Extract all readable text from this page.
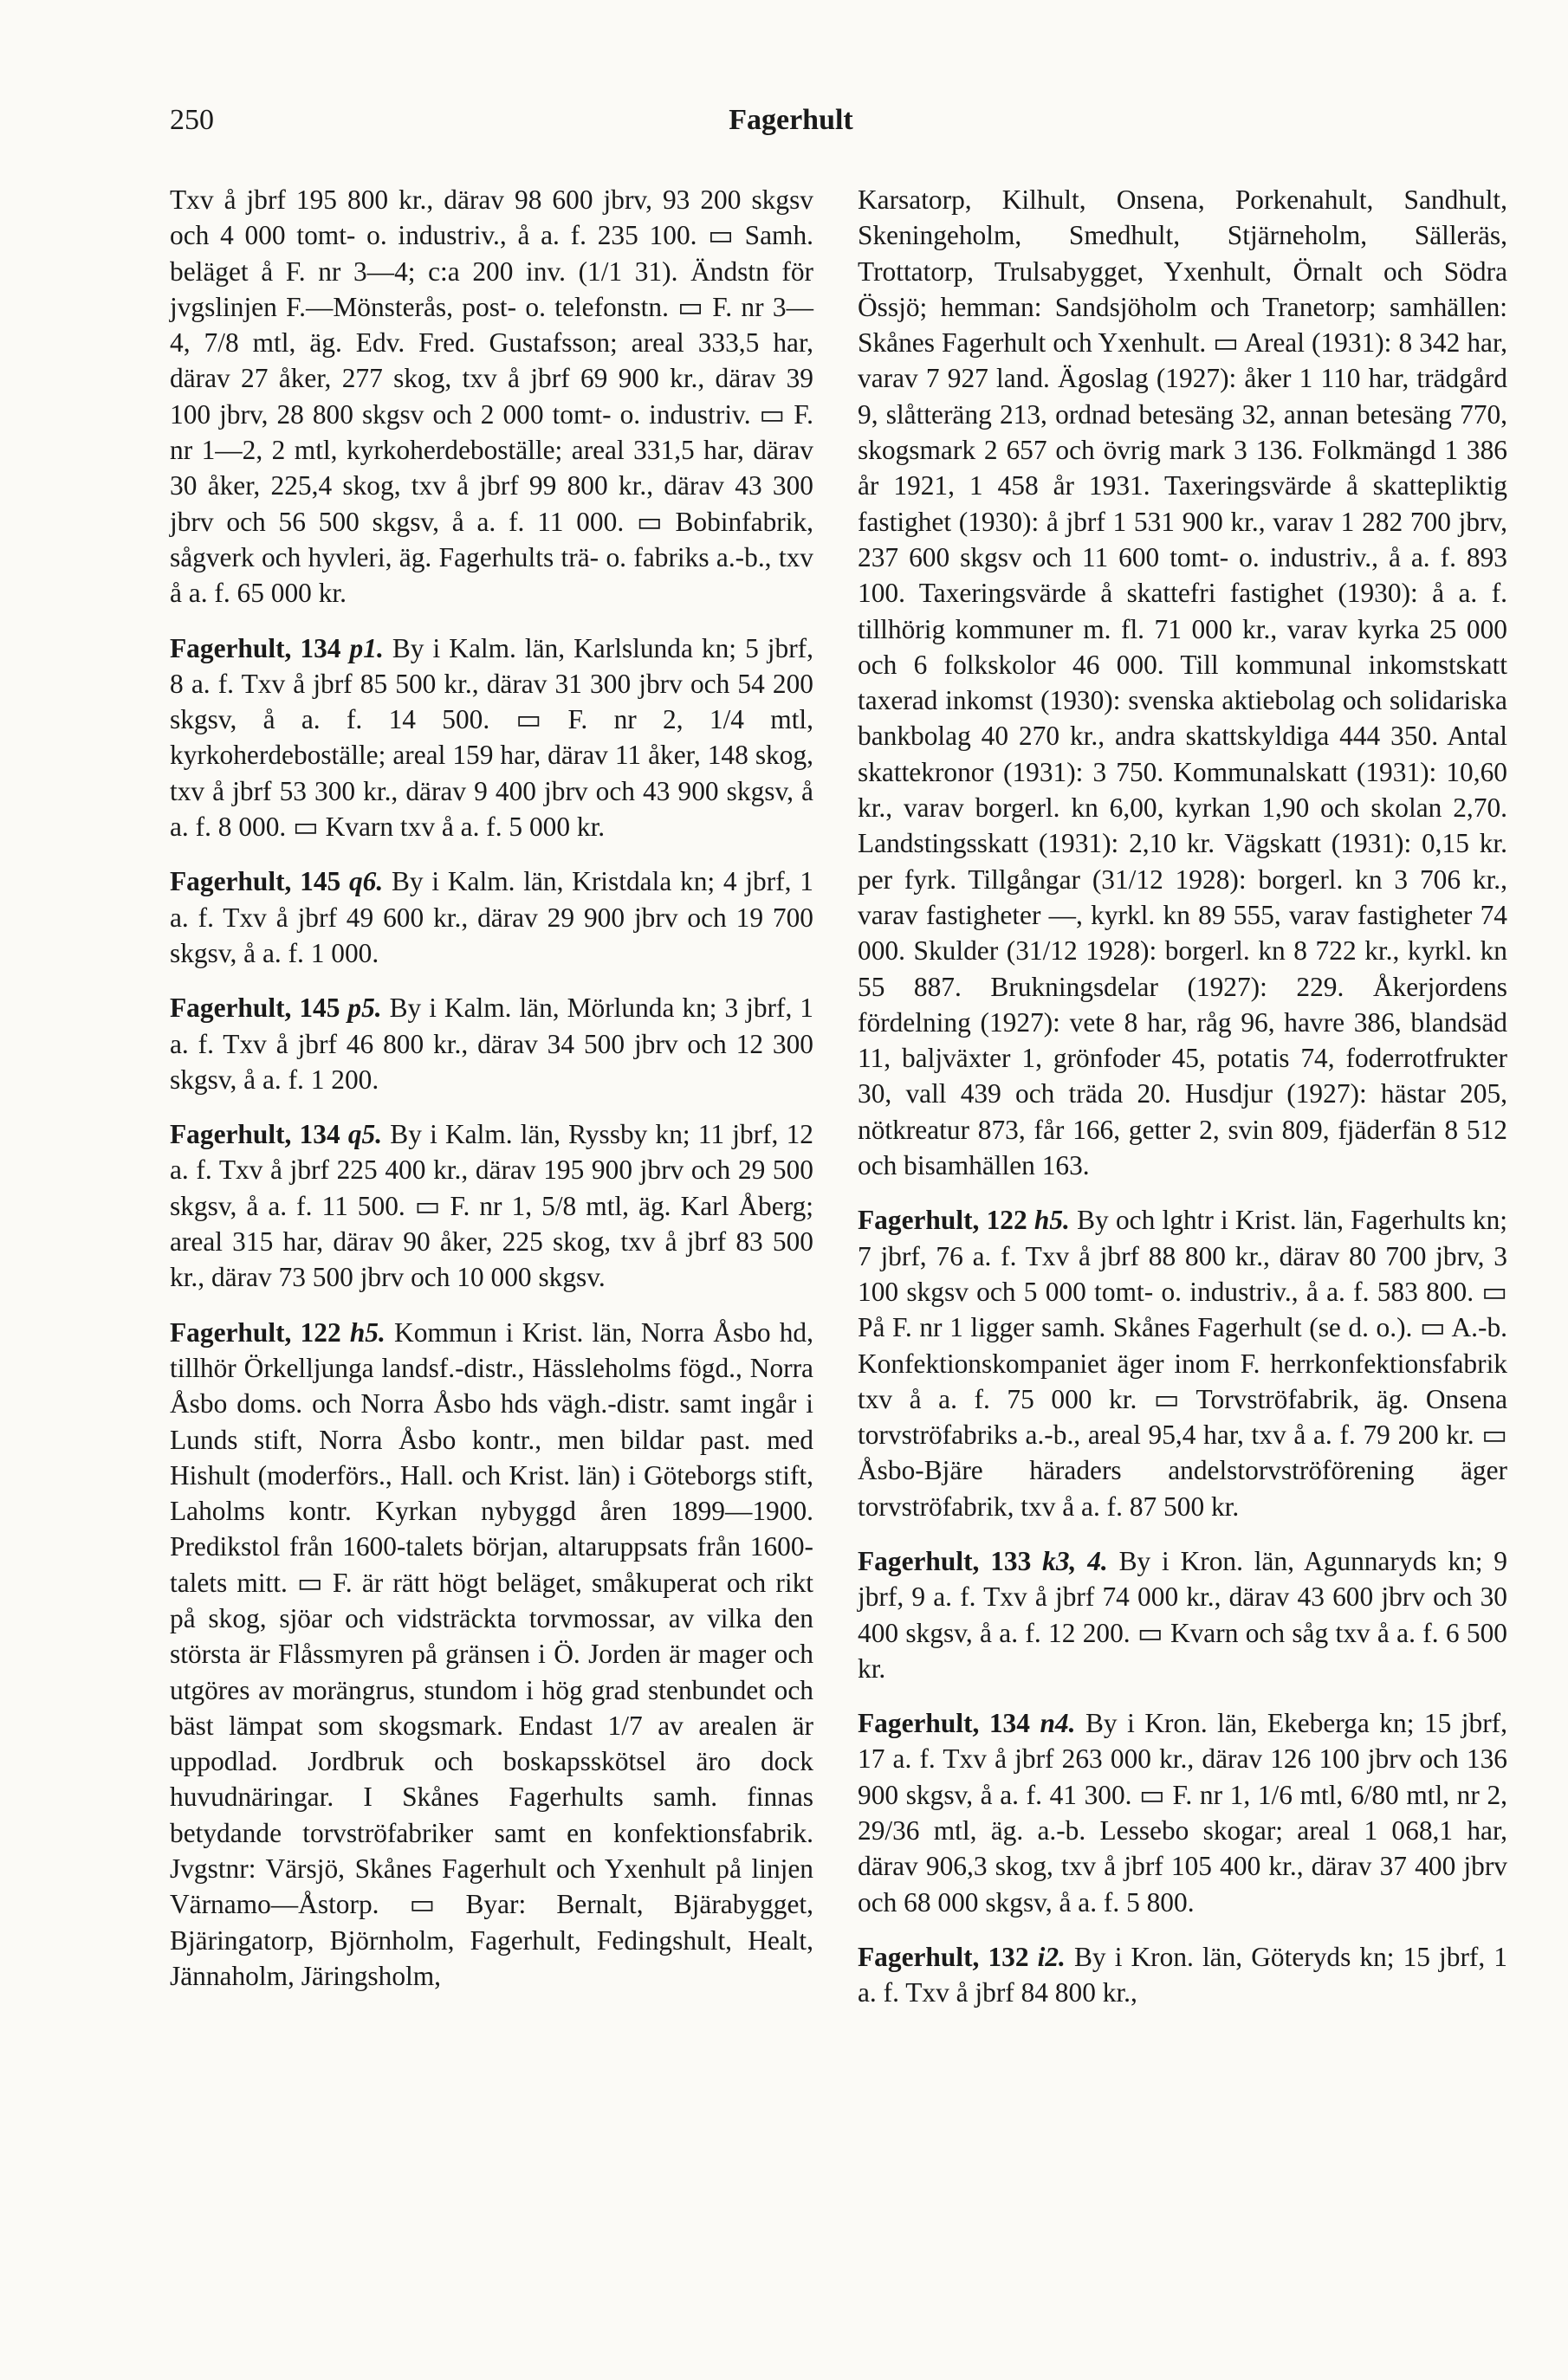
250	Fagerhult

Txv å jbrf 195 800 kr., därav 98 600 jbrv, 93 200 skgsv och 4 000 tomt- o. industriv., å a. f. 235 100. ▭ Samh. beläget å F. nr 3—4; c:a 200 inv. (1/1 31). Ändstn för jvgslinjen F.—Mönsterås, post- o. telefonstn. ▭ F. nr 3—4, 7/8 mtl, äg. Edv. Fred. Gustafsson; areal 333,5 har, därav 27 åker, 277 skog, txv å jbrf 69 900 kr., därav 39 100 jbrv, 28 800 skgsv och 2 000 tomt- o. industriv. ▭ F. nr 1—2, 2 mtl, kyrkoherdeboställe; areal 331,5 har, därav 30 åker, 225,4 skog, txv å jbrf 99 800 kr., därav 43 300 jbrv och 56 500 skgsv, å a. f. 11 000. ▭ Bobinfabrik, sågverk och hyvleri, äg. Fagerhults trä- o. fabriks a.-b., txv å a. f. 65 000 kr.

Fagerhult, 134 p1. By i Kalm. län, Karlslunda kn; 5 jbrf, 8 a. f. Txv å jbrf 85 500 kr., därav 31 300 jbrv och 54 200 skgsv, å a. f. 14 500. ▭ F. nr 2, 1/4 mtl, kyrkoherdeboställe; areal 159 har, därav 11 åker, 148 skog, txv å jbrf 53 300 kr., därav 9 400 jbrv och 43 900 skgsv, å a. f. 8 000. ▭ Kvarn txv å a. f. 5 000 kr.

Fagerhult, 145 q6. By i Kalm. län, Kristdala kn; 4 jbrf, 1 a. f. Txv å jbrf 49 600 kr., därav 29 900 jbrv och 19 700 skgsv, å a. f. 1 000.

Fagerhult, 145 p5. By i Kalm. län, Mörlunda kn; 3 jbrf, 1 a. f. Txv å jbrf 46 800 kr., därav 34 500 jbrv och 12 300 skgsv, å a. f. 1 200.

Fagerhult, 134 q5. By i Kalm. län, Ryssby kn; 11 jbrf, 12 a. f. Txv å jbrf 225 400 kr., därav 195 900 jbrv och 29 500 skgsv, å a. f. 11 500. ▭ F. nr 1, 5/8 mtl, äg. Karl Åberg; areal 315 har, därav 90 åker, 225 skog, txv å jbrf 83 500 kr., därav 73 500 jbrv och 10 000 skgsv.

Fagerhult, 122 h5. Kommun i Krist. län, Norra Åsbo hd, tillhör Örkelljunga landsf.-distr., Hässleholms fögd., Norra Åsbo doms. och Norra Åsbo hds vägh.-distr. samt ingår i Lunds stift, Norra Åsbo kontr., men bildar past. med Hishult (moderförs., Hall. och Krist. län) i Göteborgs stift, Laholms kontr. Kyrkan nybyggd åren 1899—1900. Predikstol från 1600-talets början, altaruppsats från 1600-talets mitt. ▭ F. är rätt högt beläget, småkuperat och rikt på skog, sjöar och vidsträckta torvmossar, av vilka den största är Flåssmyren på gränsen i Ö. Jorden är mager och utgöres av morängrus, stundom i hög grad stenbundet och bäst lämpat som skogsmark. Endast 1/7 av arealen är uppodlad. Jordbruk och boskapsskötsel äro dock huvudnäringar. I Skånes Fagerhults samh. finnas betydande torvströfabriker samt en konfektionsfabrik. Jvgstnr: Värsjö, Skånes Fagerhult och Yxenhult på linjen Värnamo—Åstorp. ▭ Byar: Bernalt, Bjärabygget, Bjäringatorp, Björnholm, Fagerhult, Fedingshult, Healt, Jännaholm, Järingsholm,

Karsatorp, Kilhult, Onsena, Porkenahult, Sandhult, Skeningeholm, Smedhult, Stjärneholm, Sälleräs, Trottatorp, Trulsabygget, Yxenhult, Örnalt och Södra Össjö; hemman: Sandsjöholm och Tranetorp; samhällen: Skånes Fagerhult och Yxenhult. ▭ Areal (1931): 8 342 har, varav 7 927 land. Ägoslag (1927): åker 1 110 har, trädgård 9, slåtteräng 213, ordnad betesäng 32, annan betesäng 770, skogsmark 2 657 och övrig mark 3 136. Folkmängd 1 386 år 1921, 1 458 år 1931. Taxeringsvärde å skattepliktig fastighet (1930): å jbrf 1 531 900 kr., varav 1 282 700 jbrv, 237 600 skgsv och 11 600 tomt- o. industriv., å a. f. 893 100. Taxeringsvärde å skattefri fastighet (1930): å a. f. tillhörig kommuner m. fl. 71 000 kr., varav kyrka 25 000 och 6 folkskolor 46 000. Till kommunal inkomstskatt taxerad inkomst (1930): svenska aktiebolag och solidariska bankbolag 40 270 kr., andra skattskyldiga 444 350. Antal skattekronor (1931): 3 750. Kommunalskatt (1931): 10,60 kr., varav borgerl. kn 6,00, kyrkan 1,90 och skolan 2,70. Landstingsskatt (1931): 2,10 kr. Vägskatt (1931): 0,15 kr. per fyrk. Tillgångar (31/12 1928): borgerl. kn 3 706 kr., varav fastigheter —, kyrkl. kn 89 555, varav fastigheter 74 000. Skulder (31/12 1928): borgerl. kn 8 722 kr., kyrkl. kn 55 887. Brukningsdelar (1927): 229. Åkerjordens fördelning (1927): vete 8 har, råg 96, havre 386, blandsäd 11, baljväxter 1, grönfoder 45, potatis 74, foderrotfrukter 30, vall 439 och träda 20. Husdjur (1927): hästar 205, nötkreatur 873, får 166, getter 2, svin 809, fjäderfän 8 512 och bisamhällen 163.

Fagerhult, 122 h5. By och lghtr i Krist. län, Fagerhults kn; 7 jbrf, 76 a. f. Txv å jbrf 88 800 kr., därav 80 700 jbrv, 3 100 skgsv och 5 000 tomt- o. industriv., å a. f. 583 800. ▭ På F. nr 1 ligger samh. Skånes Fagerhult (se d. o.). ▭ A.-b. Konfektionskompaniet äger inom F. herrkonfektionsfabrik txv å a. f. 75 000 kr. ▭ Torvströfabrik, äg. Onsena torvströfabriks a.-b., areal 95,4 har, txv å a. f. 79 200 kr. ▭ Åsbo-Bjäre häraders andelstorvströförening äger torvströfabrik, txv å a. f. 87 500 kr.

Fagerhult, 133 k3, 4. By i Kron. län, Agunnaryds kn; 9 jbrf, 9 a. f. Txv å jbrf 74 000 kr., därav 43 600 jbrv och 30 400 skgsv, å a. f. 12 200. ▭ Kvarn och såg txv å a. f. 6 500 kr.

Fagerhult, 134 n4. By i Kron. län, Ekeberga kn; 15 jbrf, 17 a. f. Txv å jbrf 263 000 kr., därav 126 100 jbrv och 136 900 skgsv, å a. f. 41 300. ▭ F. nr 1, 1/6 mtl, 6/80 mtl, nr 2, 29/36 mtl, äg. a.-b. Lessebo skogar; areal 1 068,1 har, därav 906,3 skog, txv å jbrf 105 400 kr., därav 37 400 jbrv och 68 000 skgsv, å a. f. 5 800.

Fagerhult, 132 i2. By i Kron. län, Göteryds kn; 15 jbrf, 1 a. f. Txv å jbrf 84 800 kr.,
